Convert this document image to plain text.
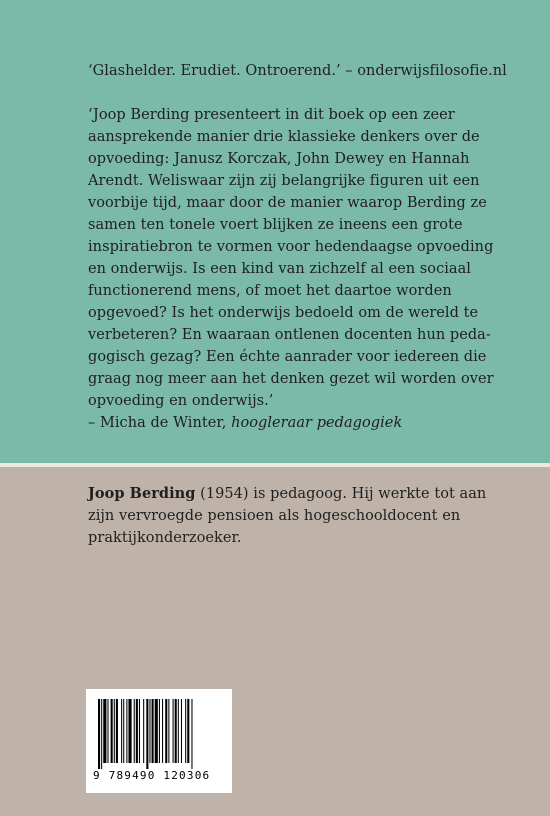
‘Glashelder. Erudiet. Ontroerend.’ – onderwijsfilosofie.nl
‘Joop Berding presenteert in dit boek op een zeer
aansprekende manier drie klassieke denkers over de
opvoeding: Janusz Korczak, John Dewey en Hannah
Arendt. Weliswaar zijn zij belangrijke figuren uit een
voorbije tijd, maar door de manier waarop Berding ze
samen ten tonele voert blijken ze ineens een grote
inspiratiebron te vormen voor hedendaagse opvoeding
en onderwijs. Is een kind van zichzelf al een sociaal
functionerend mens, of moet het daartoe worden
opgevoed? Is het onderwijs bedoeld om de wereld te
verbeteren? En waaraan ontlenen docenten hun peda-
gogisch gezag? Een échte aanrader voor iedereen die
graag nog meer aan het denken gezet wil worden over
opvoeding en onderwijs.’
– Micha de Winter, hoogleraar pedagogiek
Joop Berding (1954) is pedagoog. Hij werkte tot aan
zijn vervroegde pensioen als hogeschooldocent en
praktijkonderzoeker.
9 789490 120306
